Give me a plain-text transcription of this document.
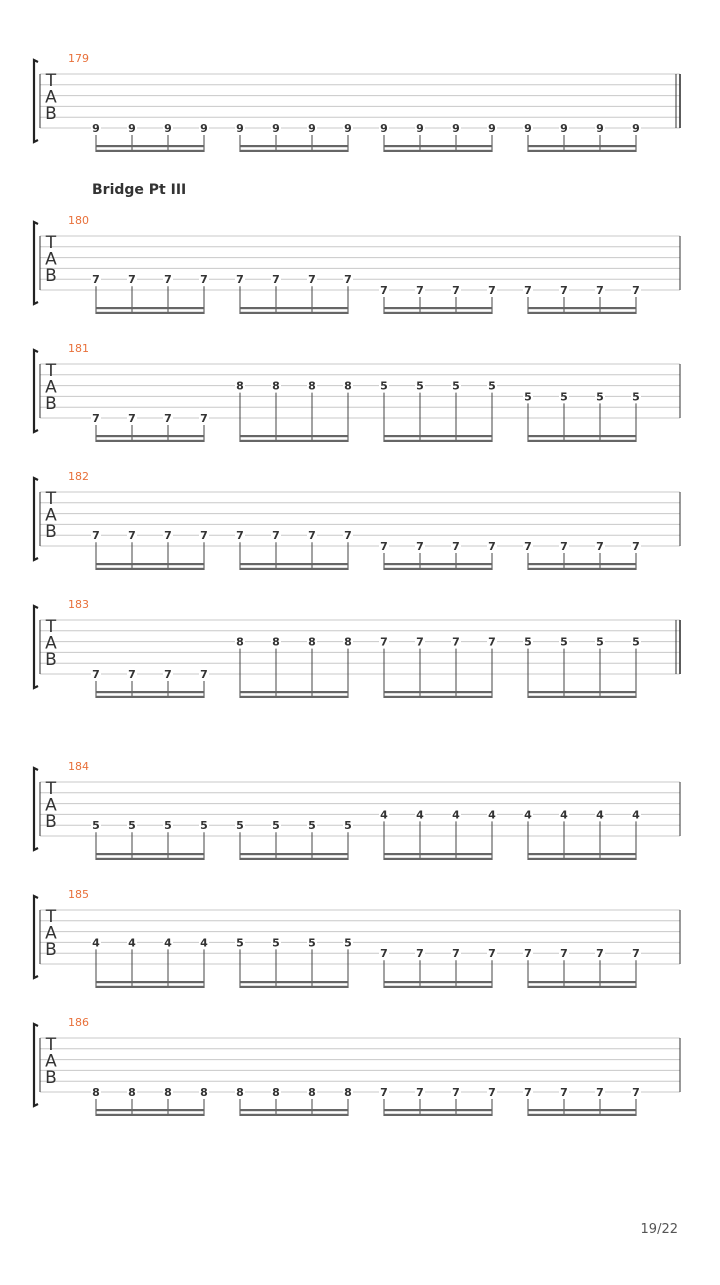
179
T
A
B
9	9	9	9	9	9	9	9	9	9	9	9	9	9	9	9
180
T
A
B	7	7	7	7	7	7	7	7
7	7	7	7	7	7	7	7
181
T
A
B
7	7	7	7
8	8	8	8	5	5	5	5
5	5	5	5
182
T
A
B	7	7	7	7	7	7	7	7
7	7	7	7	7	7	7	7
183
T
A
B
7	7	7	7
8	8	8	8	7	7	7	7	5	5	5	5
184
T
A
B	5	5	5	5	5	5	5	5
4	4	4	4	4	4	4	4
185
T
A
B	4	4	4	4	5	5	5	5
7	7	7	7	7	7	7	7
186
T
A
B
8	8	8	8	8	8	8	8	7	7	7	7	7	7	7	7
Bridge Pt III
19/22
